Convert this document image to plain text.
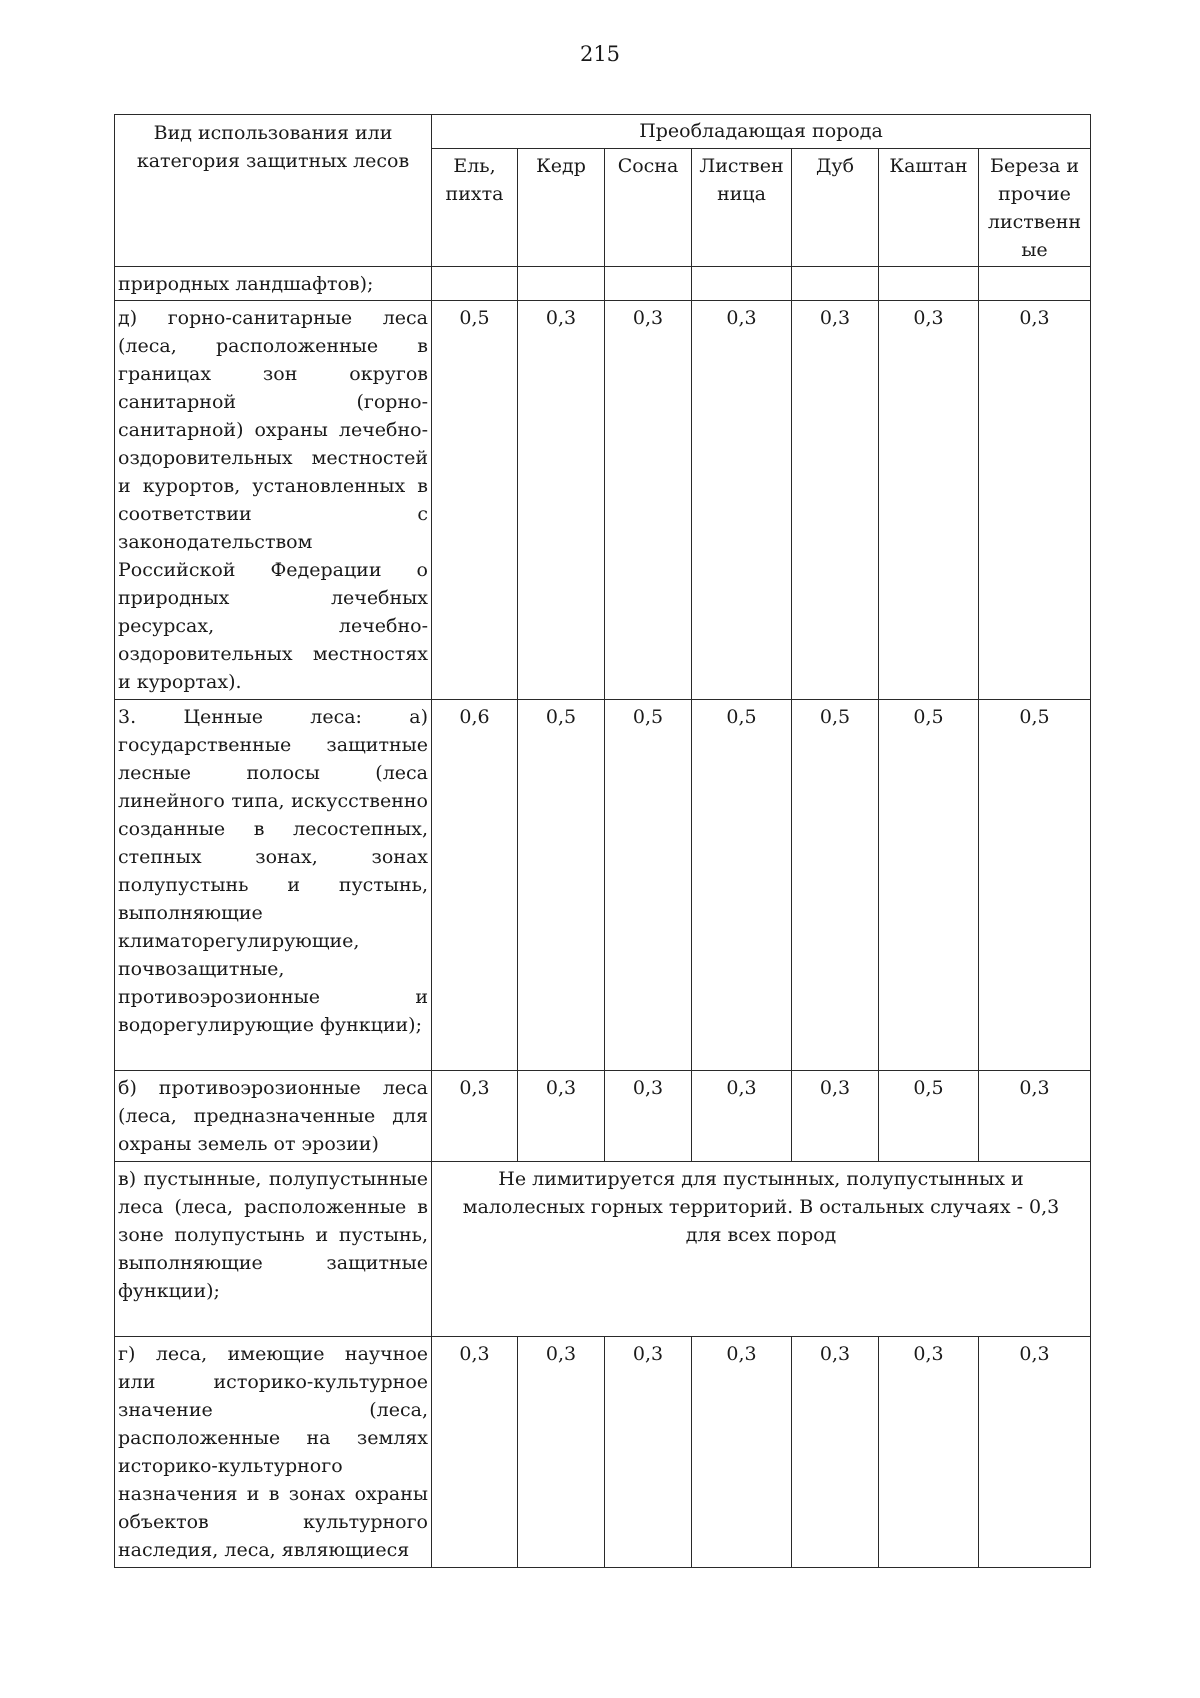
215
Вид использования или категория защитных лесов	Преобладающая порода						
	Ель, пихта	Кедр	Сосна	Листвен ница	Дуб	Каштан	Береза и прочие лиственн ые
природных ландшафтов);							
д) горно-санитарные леса (леса, расположенные в границах зон округов санитарной (горно-санитарной) охраны лечебно-оздоровительных местностей и курортов, установленных в соответствии с законодательством Российской Федерации о природных лечебных ресурсах, лечебно-оздоровительных местностях и курортах).	0,5	0,3	0,3	0,3	0,3	0,3	0,3
3. Ценные леса: а) государственные защитные лесные полосы (леса линейного типа, искусственно созданные в лесостепных, степных зонах, зонах полупустынь и пустынь, выполняющие климаторегулирующие, почвозащитные, противоэрозионные и водорегулирующие функции);	0,6	0,5	0,5	0,5	0,5	0,5	0,5
б) противоэрозионные леса (леса, предназначенные для охраны земель от эрозии)	0,3	0,3	0,3	0,3	0,3	0,5	0,3
в) пустынные, полупустынные леса (леса, расположенные в зоне полупустынь и пустынь, выполняющие защитные функции);	Не лимитируется для пустынных, полупустынных и малолесных горных территорий. В остальных случаях - 0,3 для всех пород						
г) леса, имеющие научное или историко-культурное значение (леса, расположенные на землях историко-культурного назначения и в зонах охраны объектов культурного наследия, леса, являющиеся	0,3	0,3	0,3	0,3	0,3	0,3	0,3
